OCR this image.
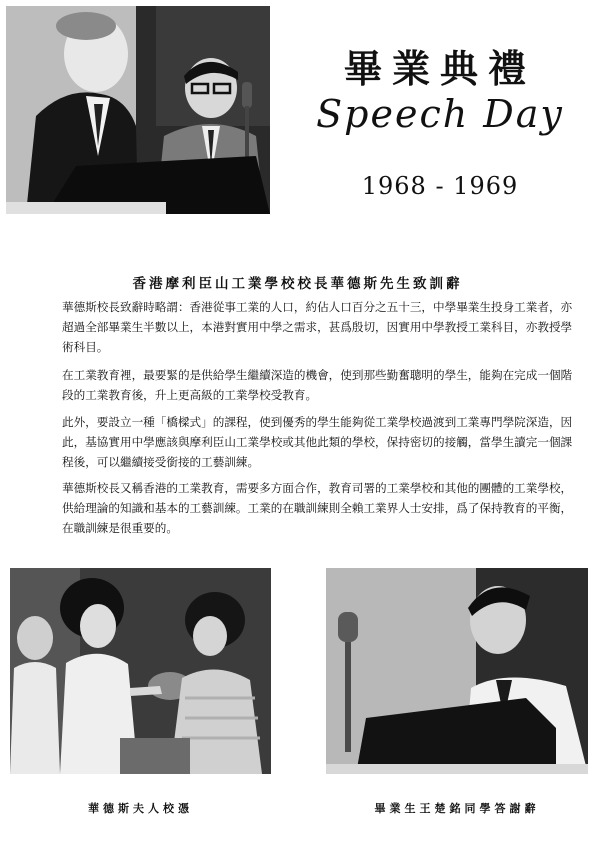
畢業典禮
Speech Day
1968 - 1969
香港摩利臣山工業學校校長華德斯先生致訓辭
華德斯校長致辭時略謂：香港從事工業的人口，約佔人口百分之五十三，中學畢業生投身工業者，亦超過全部畢業生半數以上，本港對實用中學之需求，甚爲殷切，因實用中學教授工業科目，亦教授學術科目。
在工業教育裡，最要緊的是供給學生繼續深造的機會，使到那些勤奮聰明的學生，能夠在完成一個階段的工業教育後，升上更高級的工業學校受教育。
此外，要設立一種「橋樑式」的課程，使到優秀的學生能夠從工業學校過渡到工業專門學院深造，因此，基協實用中學應該與摩利臣山工業學校或其他此類的學校，保持密切的接觸，當學生讀完一個課程後，可以繼續接受銜接的工藝訓練。
華德斯校長又稱香港的工業教育，需要多方面合作，教育司署的工業學校和其他的團體的工業學校，供給理論的知識和基本的工藝訓練。工業的在職訓練則全賴工業界人士安排，爲了保持教育的平衡，在職訓練是很重要的。
華德斯夫人校憑	畢業生王楚銘同學答謝辭
